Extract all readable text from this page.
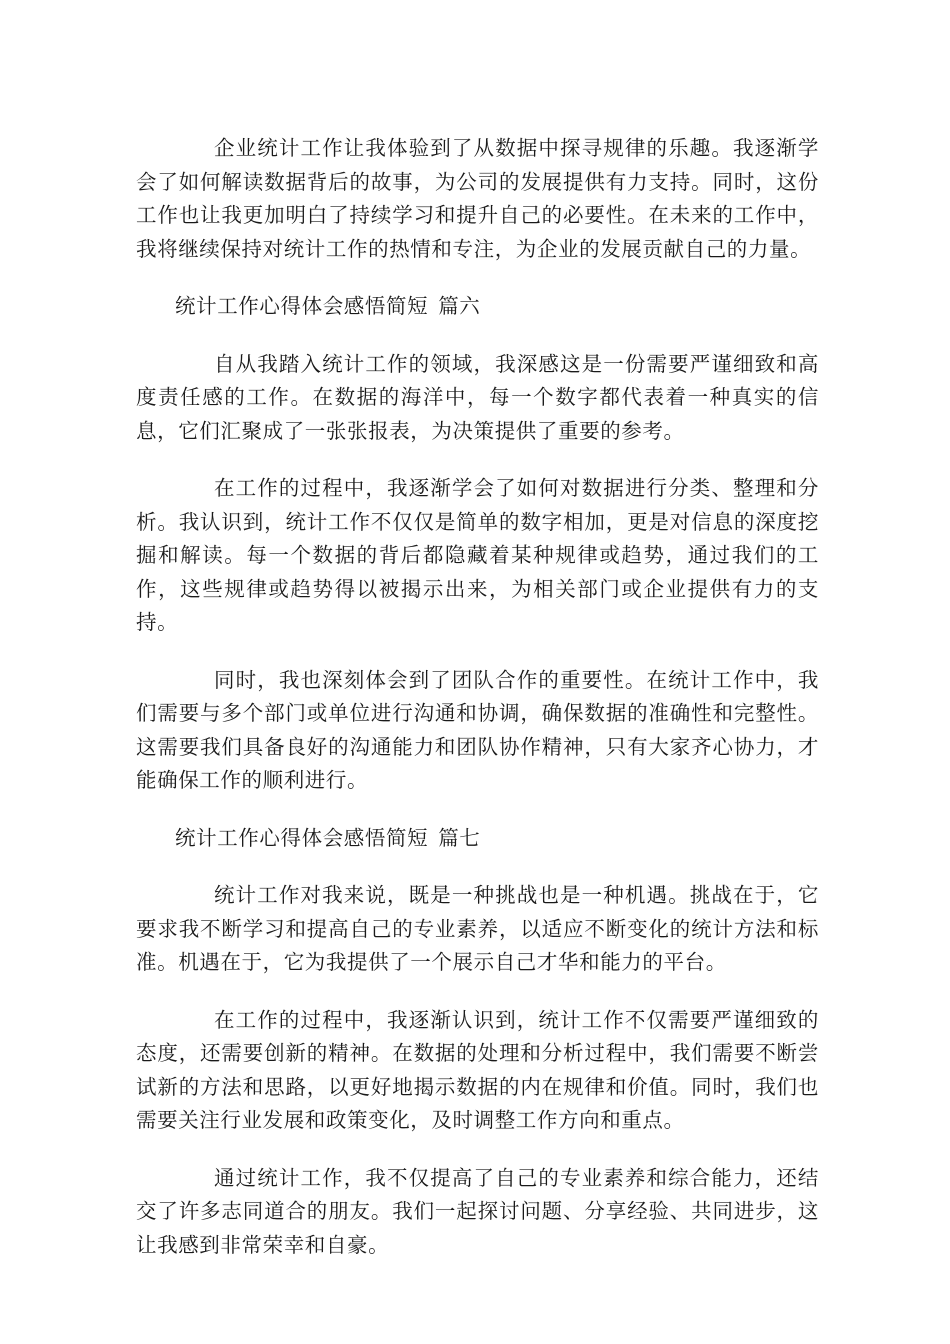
企业统计工作让我体验到了从数据中探寻规律的乐趣。我逐渐学会了如何解读数据背后的故事，为公司的发展提供有力支持。同时，这份工作也让我更加明白了持续学习和提升自己的必要性。在未来的工作中，我将继续保持对统计工作的热情和专注，为企业的发展贡献自己的力量。

统计工作心得体会感悟简短 篇六

自从我踏入统计工作的领域，我深感这是一份需要严谨细致和高度责任感的工作。在数据的海洋中，每一个数字都代表着一种真实的信息，它们汇聚成了一张张报表，为决策提供了重要的参考。

在工作的过程中，我逐渐学会了如何对数据进行分类、整理和分析。我认识到，统计工作不仅仅是简单的数字相加，更是对信息的深度挖掘和解读。每一个数据的背后都隐藏着某种规律或趋势，通过我们的工作，这些规律或趋势得以被揭示出来，为相关部门或企业提供有力的支持。

同时，我也深刻体会到了团队合作的重要性。在统计工作中，我们需要与多个部门或单位进行沟通和协调，确保数据的准确性和完整性。这需要我们具备良好的沟通能力和团队协作精神，只有大家齐心协力，才能确保工作的顺利进行。

统计工作心得体会感悟简短 篇七

统计工作对我来说，既是一种挑战也是一种机遇。挑战在于，它要求我不断学习和提高自己的专业素养，以适应不断变化的统计方法和标准。机遇在于，它为我提供了一个展示自己才华和能力的平台。

在工作的过程中，我逐渐认识到，统计工作不仅需要严谨细致的态度，还需要创新的精神。在数据的处理和分析过程中，我们需要不断尝试新的方法和思路，以更好地揭示数据的内在规律和价值。同时，我们也需要关注行业发展和政策变化，及时调整工作方向和重点。

通过统计工作，我不仅提高了自己的专业素养和综合能力，还结交了许多志同道合的朋友。我们一起探讨问题、分享经验、共同进步，这让我感到非常荣幸和自豪。
